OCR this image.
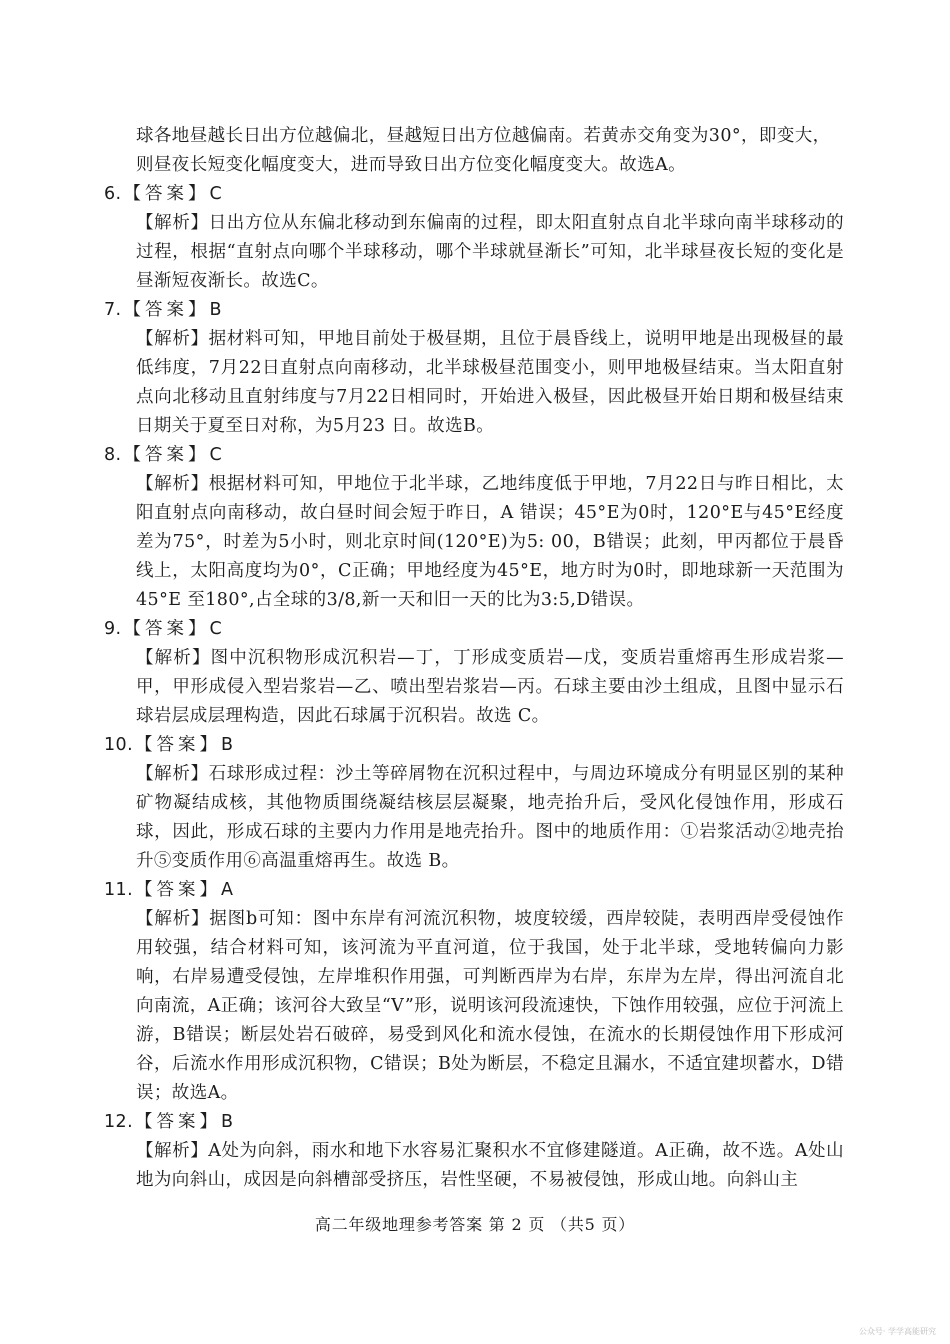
球各地昼越长日出方位越偏北，昼越短日出方位越偏南。若黄赤交角变为30°，即变大，

则昼夜长短变化幅度变大，进而导致日出方位变化幅度变大。故选A。

6. 【答案】C

【解析】日出方位从东偏北移动到东偏南的过程，即太阳直射点自北半球向南半球移动的过程，根据“直射点向哪个半球移动，哪个半球就昼渐长”可知，北半球昼夜长短的变化是昼渐短夜渐长。故选C。

7. 【答案】B

【解析】据材料可知，甲地目前处于极昼期，且位于晨昏线上，说明甲地是出现极昼的最低纬度，7月22日直射点向南移动，北半球极昼范围变小，则甲地极昼结束。当太阳直射点向北移动且直射纬度与7月22日相同时，开始进入极昼，因此极昼开始日期和极昼结束日期关于夏至日对称，为5月23 日。故选B。

8. 【答案】C

【解析】根据材料可知，甲地位于北半球，乙地纬度低于甲地，7月22日与昨日相比，太阳直射点向南移动，故白昼时间会短于昨日，A 错误；45°E为0时，120°E与45°E经度差为75°，时差为5小时，则北京时间(120°E)为5: 00，B错误；此刻，甲丙都位于晨昏线上，太阳高度均为0°，C正确；甲地经度为45°E，地方时为0时，即地球新一天范围为45°E 至180°,占全球的3/8,新一天和旧一天的比为3:5,D错误。

9. 【答案】C

【解析】图中沉积物形成沉积岩—丁，丁形成变质岩—戊，变质岩重熔再生形成岩浆—甲，甲形成侵入型岩浆岩—乙、喷出型岩浆岩—丙。石球主要由沙土组成，且图中显示石球岩层成层理构造，因此石球属于沉积岩。故选 C。

10. 【答案】B

【解析】石球形成过程：沙土等碎屑物在沉积过程中，与周边环境成分有明显区别的某种矿物凝结成核，其他物质围绕凝结核层层凝聚，地壳抬升后，受风化侵蚀作用，形成石球，因此，形成石球的主要内力作用是地壳抬升。图中的地质作用：①岩浆活动②地壳抬升⑤变质作用⑥高温重熔再生。故选 B。

11. 【答案】A

【解析】据图b可知：图中东岸有河流沉积物，坡度较缓，西岸较陡，表明西岸受侵蚀作用较强，结合材料可知，该河流为平直河道，位于我国，处于北半球，受地转偏向力影响，右岸易遭受侵蚀，左岸堆积作用强，可判断西岸为右岸，东岸为左岸，得出河流自北向南流，A正确；该河谷大致呈“V”形，说明该河段流速快，下蚀作用较强，应位于河流上游，B错误；断层处岩石破碎，易受到风化和流水侵蚀，在流水的长期侵蚀作用下形成河谷，后流水作用形成沉积物，C错误；B处为断层，不稳定且漏水，不适宜建坝蓄水，D错误；故选A。

12. 【答案】B

【解析】A处为向斜，雨水和地下水容易汇聚积水不宜修建隧道。A正确，故不选。A处山地为向斜山，成因是向斜槽部受挤压，岩性坚硬，不易被侵蚀，形成山地。向斜山主

高二年级地理参考答案 第 2 页 （共5 页）
公众号· 学学高能研究
